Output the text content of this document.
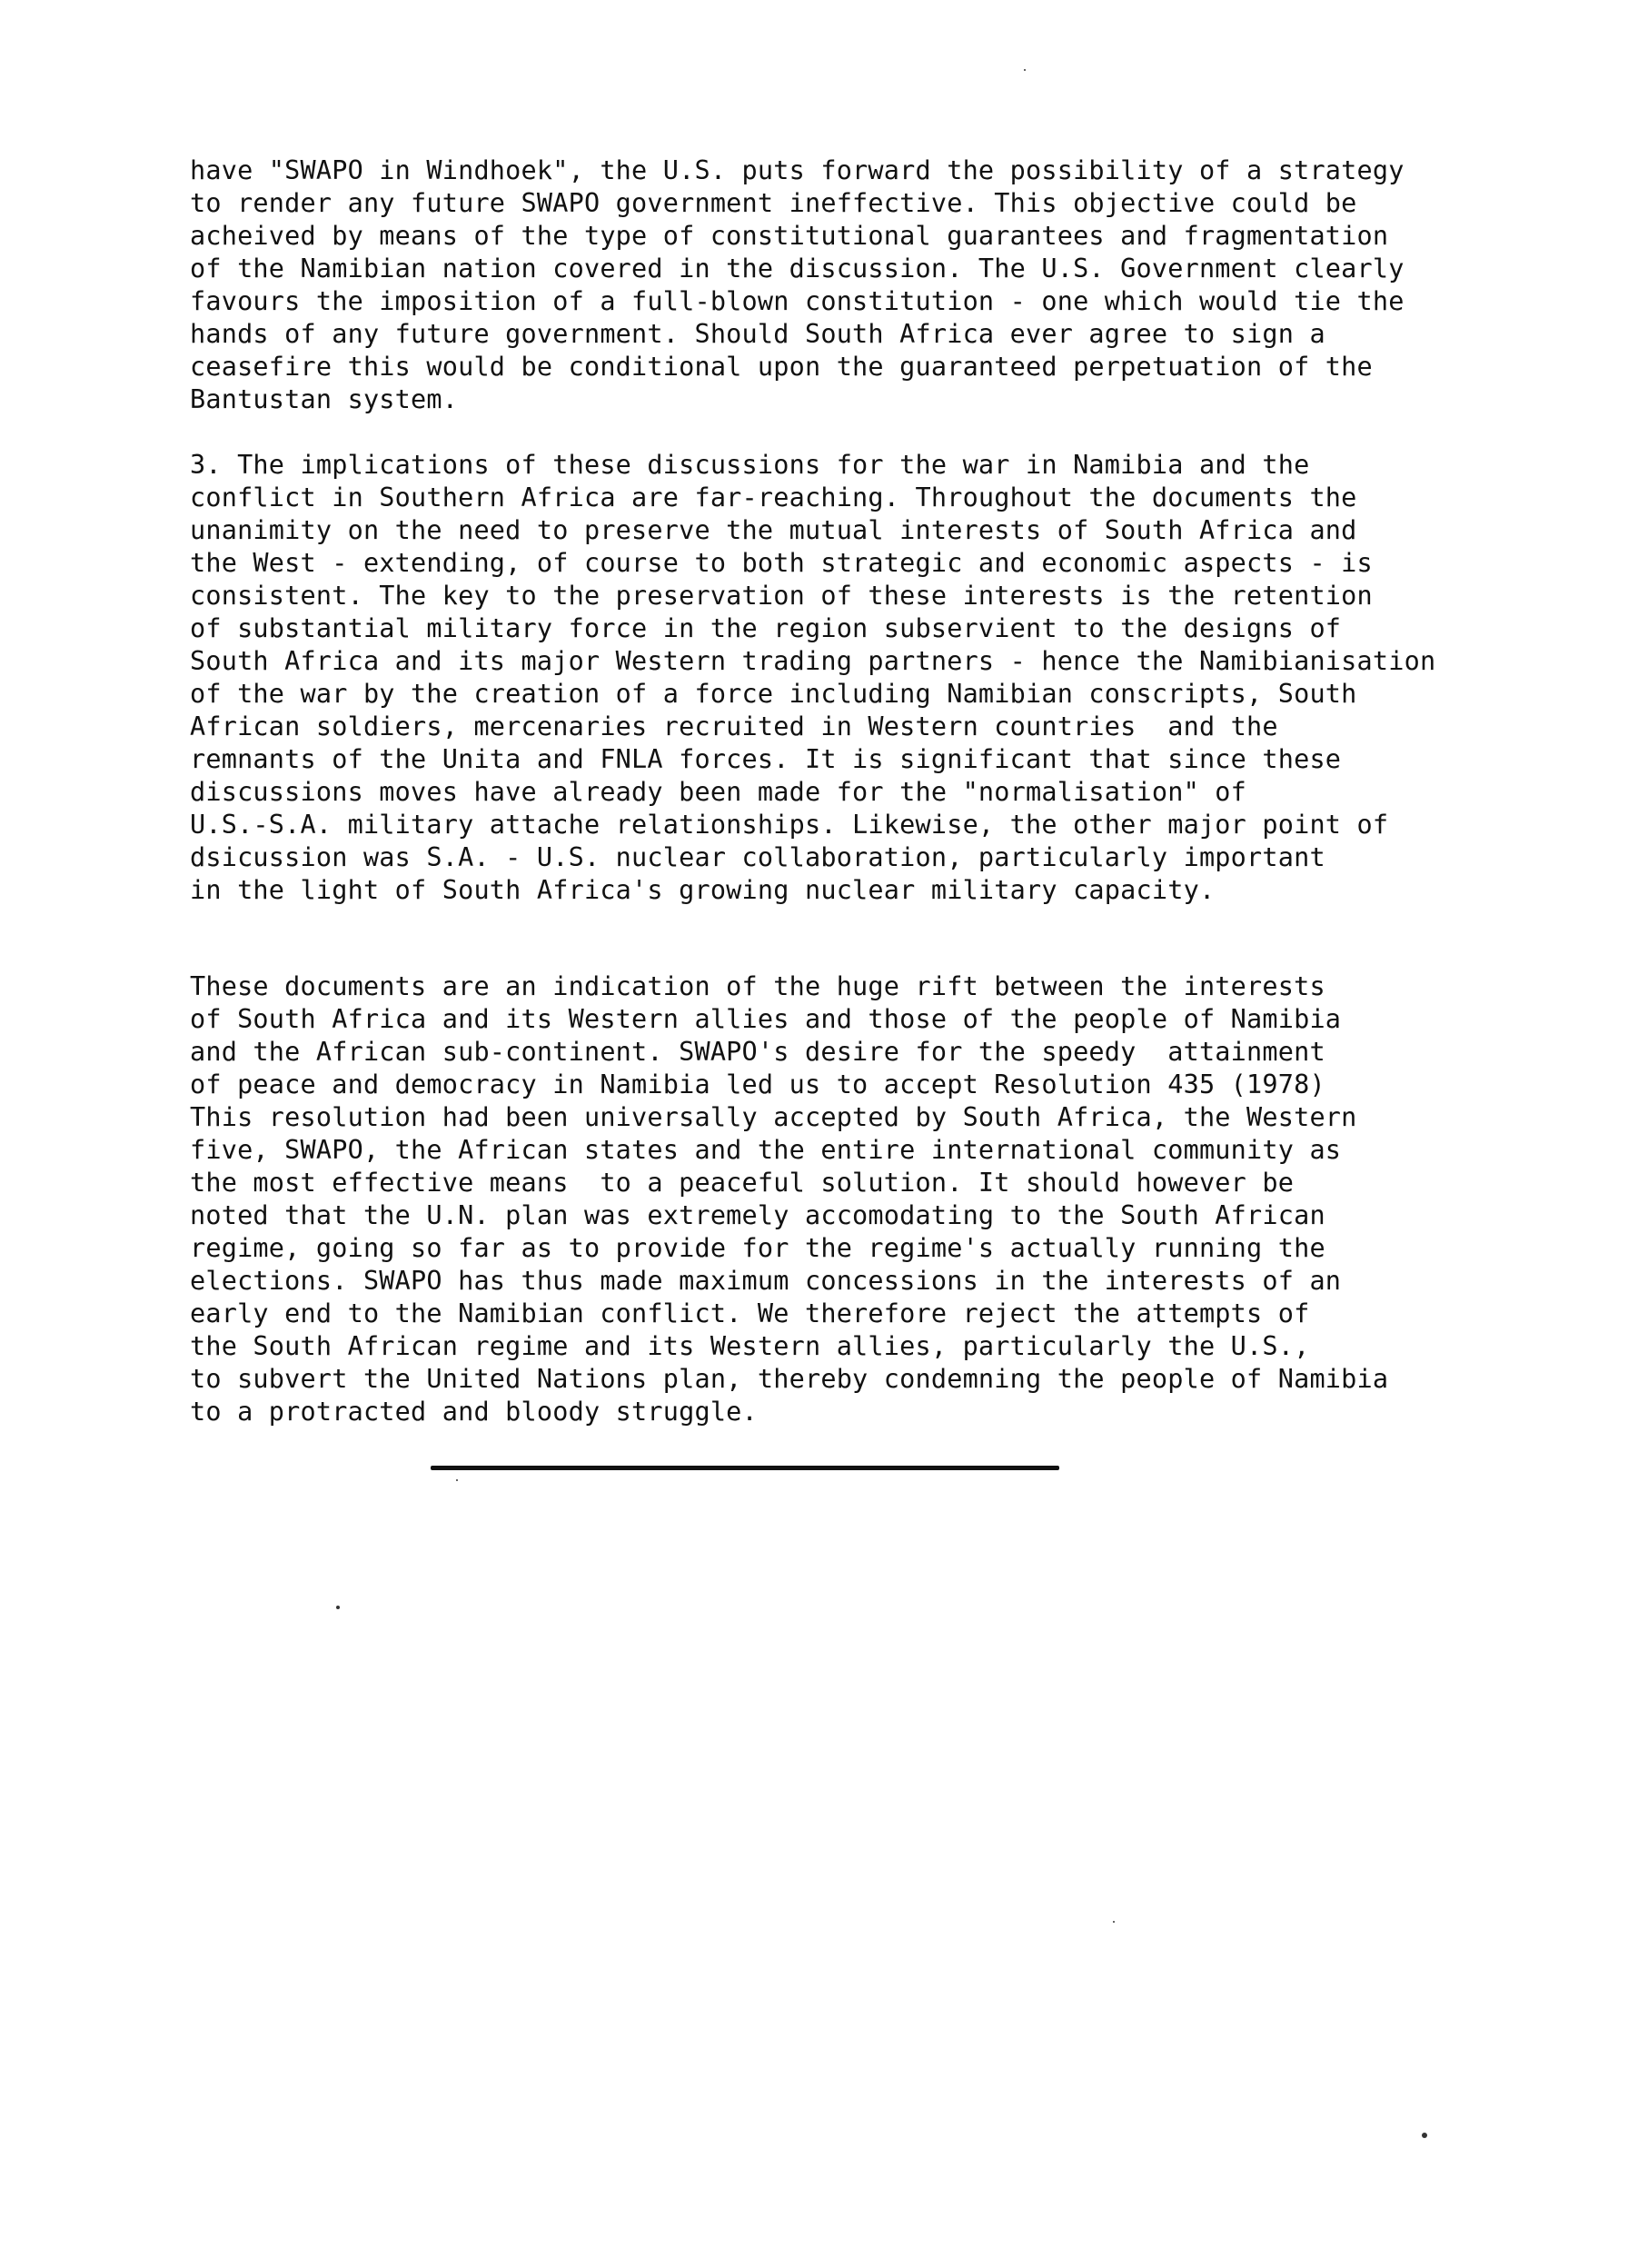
have "SWAPO in Windhoek", the U.S. puts forward the possibility of a strategy
to render any future SWAPO government ineffective. This objective could be
acheived by means of the type of constitutional guarantees and fragmentation
of the Namibian nation covered in the discussion. The U.S. Government clearly
favours the imposition of a full-blown constitution - one which would tie the
hands of any future government. Should South Africa ever agree to sign a
ceasefire this would be conditional upon the guaranteed perpetuation of the
Bantustan system.
3. The implications of these discussions for the war in Namibia and the
conflict in Southern Africa are far-reaching. Throughout the documents the
unanimity on the need to preserve the mutual interests of South Africa and
the West - extending, of course to both strategic and economic aspects - is
consistent. The key to the preservation of these interests is the retention
of substantial military force in the region subservient to the designs of
South Africa and its major Western trading partners - hence the Namibianisation
of the war by the creation of a force including Namibian conscripts, South
African soldiers, mercenaries recruited in Western countries  and the
remnants of the Unita and FNLA forces. It is significant that since these
discussions moves have already been made for the "normalisation" of
U.S.-S.A. military attache relationships. Likewise, the other major point of
dsicussion was S.A. - U.S. nuclear collaboration, particularly important
in the light of South Africa's growing nuclear military capacity.
These documents are an indication of the huge rift between the interests
of South Africa and its Western allies and those of the people of Namibia
and the African sub-continent. SWAPO's desire for the speedy  attainment
of peace and democracy in Namibia led us to accept Resolution 435 (1978)
This resolution had been universally accepted by South Africa, the Western
five, SWAPO, the African states and the entire international community as
the most effective means  to a peaceful solution. It should however be
noted that the U.N. plan was extremely accomodating to the South African
regime, going so far as to provide for the regime's actually running the
elections. SWAPO has thus made maximum concessions in the interests of an
early end to the Namibian conflict. We therefore reject the attempts of
the South African regime and its Western allies, particularly the U.S.,
to subvert the United Nations plan, thereby condemning the people of Namibia
to a protracted and bloody struggle.
